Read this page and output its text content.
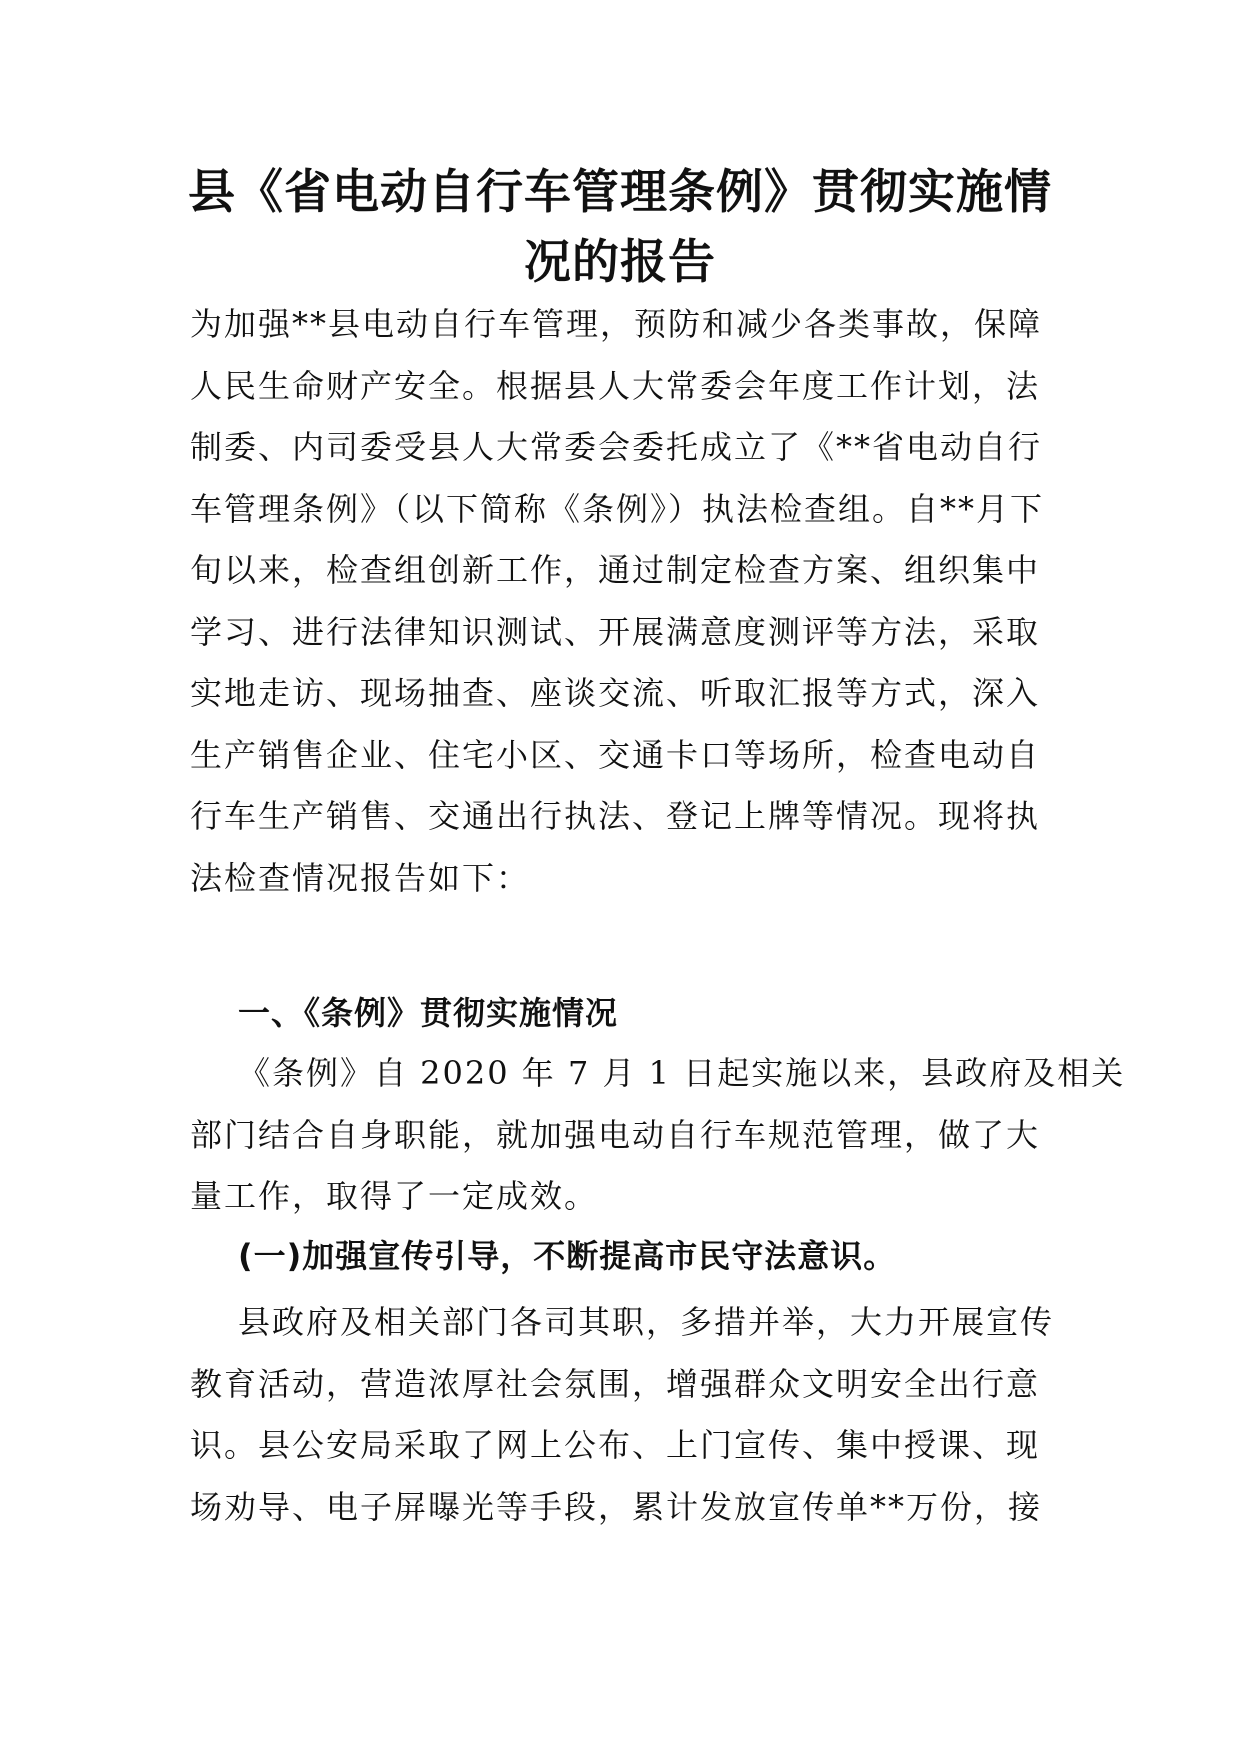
县《省电动自行车管理条例》贯彻实施情
况的报告

为加强**县电动自行车管理，预防和减少各类事故，保障
人民生命财产安全。根据县人大常委会年度工作计划，法
制委、内司委受县人大常委会委托成立了《**省电动自行
车管理条例》（以下简称《条例》）执法检查组。自**月下
旬以来，检查组创新工作，通过制定检查方案、组织集中
学习、进行法律知识测试、开展满意度测评等方法，采取
实地走访、现场抽查、座谈交流、听取汇报等方式，深入
生产销售企业、住宅小区、交通卡口等场所，检查电动自
行车生产销售、交通出行执法、登记上牌等情况。现将执
法检查情况报告如下：

一、《条例》贯彻实施情况

《条例》自 2020 年 7 月 1 日起实施以来，县政府及相关
部门结合自身职能，就加强电动自行车规范管理，做了大
量工作，取得了一定成效。

(一)加强宣传引导，不断提高市民守法意识。

县政府及相关部门各司其职，多措并举，大力开展宣传
教育活动，营造浓厚社会氛围，增强群众文明安全出行意
识。县公安局采取了网上公布、上门宣传、集中授课、现
场劝导、电子屏曝光等手段，累计发放宣传单**万份，接
